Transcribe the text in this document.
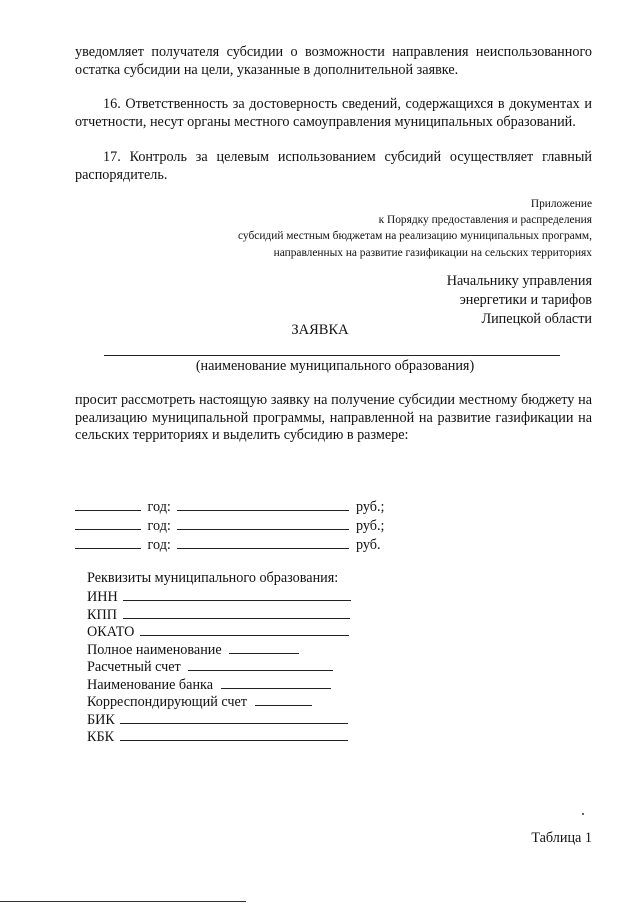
уведомляет получателя субсидии о возможности направления неиспользованного остатка субсидии на цели, указанные в дополнительной заявке.

16. Ответственность за достоверность сведений, содержащихся в документах и отчетности, несут органы местного самоуправления муниципальных образований.

17. Контроль за целевым использованием субсидий осуществляет главный распорядитель.

Приложение
к Порядку предоставления и распределения
субсидий местным бюджетам на реализацию муниципальных программ,
направленных на развитие газификации на сельских территориях
Начальнику управления
энергетики и тарифов
Липецкой области
ЗАЯВКА
(наименование муниципального образования)

просит рассмотреть настоящую заявку на получение субсидии местному бюджету на реализацию муниципальной программы, направленной на развитие газификации на сельских территориях и выделить субсидию в размере:

год:	руб.;
год:	руб.;
год:	руб.
Реквизиты муниципального образования:
ИНН
КПП
ОКАТО
Полное наименование
Расчетный счет
Наименование банка
Корреспондирующий счет
БИК
КБК
Таблица 1
